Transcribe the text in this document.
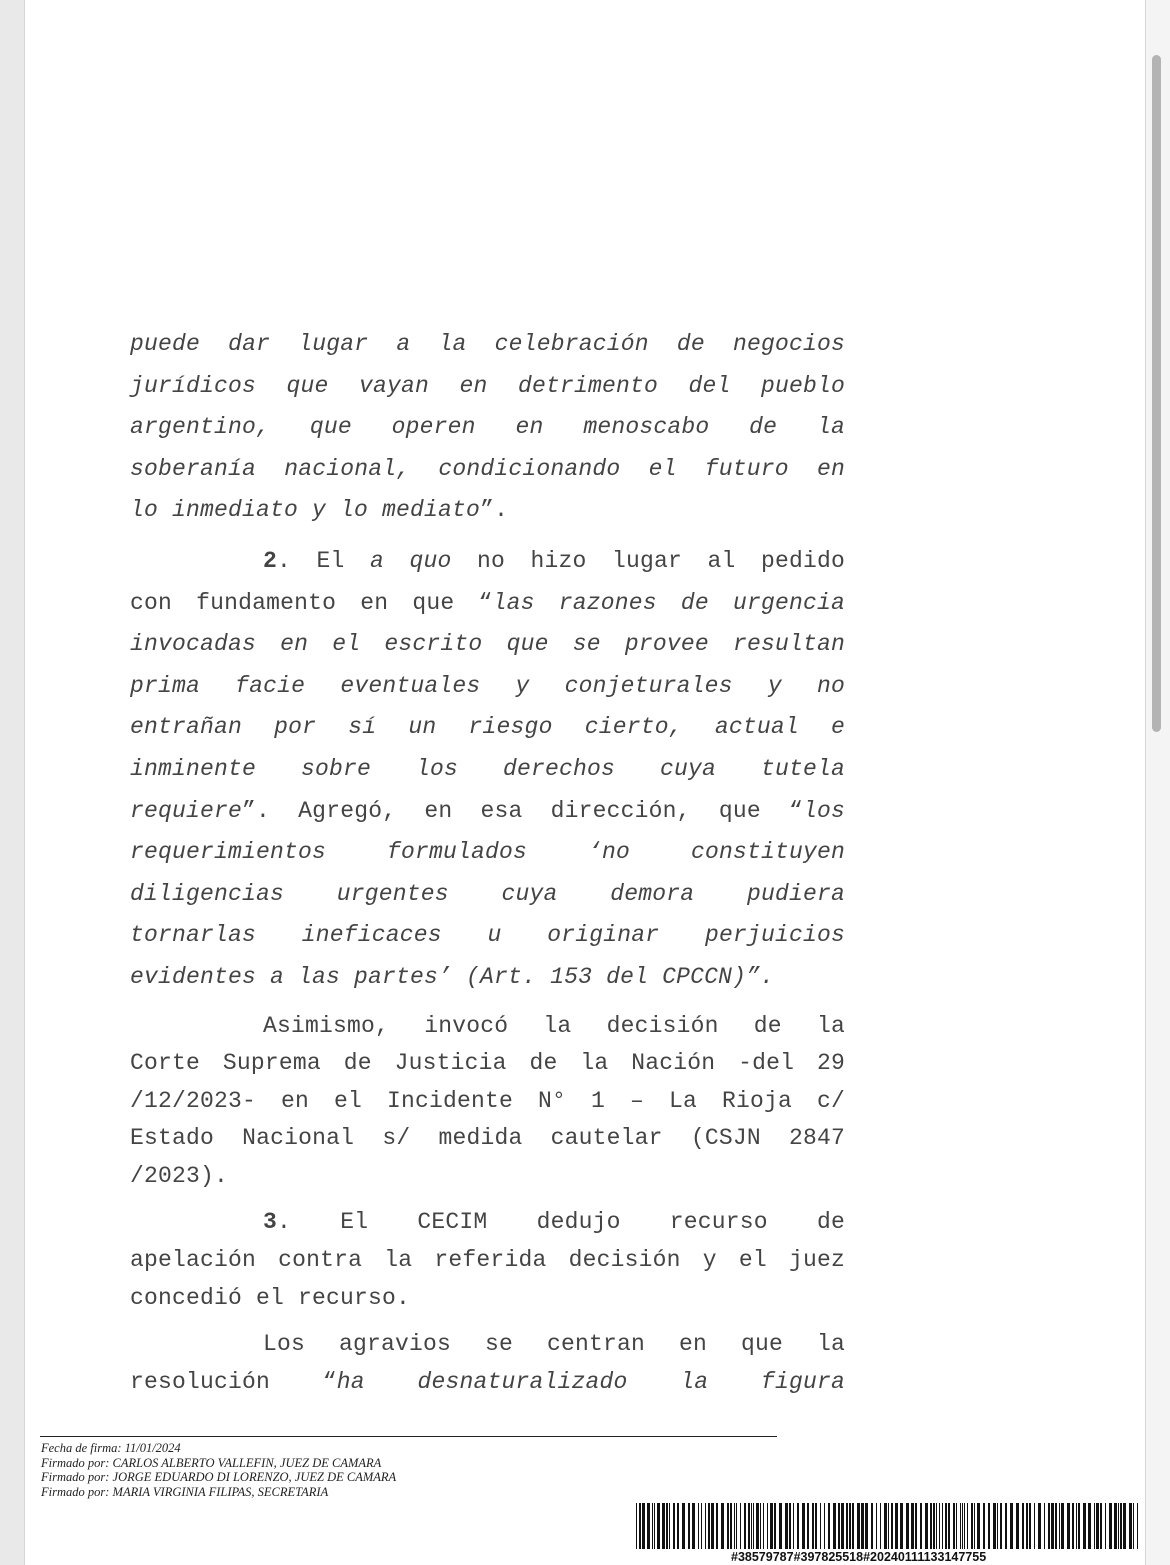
puede dar lugar a la celebración de negocios
jurídicos que vayan en detrimento del pueblo
argentino, que operen en menoscabo de la
soberanía nacional, condicionando el futuro en
lo inmediato y lo mediato”.
2. El a quo no hizo lugar al pedido
con fundamento en que “las razones de urgencia
invocadas en el escrito que se provee resultan
prima facie eventuales y conjeturales y no
entrañan por sí un riesgo cierto, actual e
inminente sobre los derechos cuya tutela
requiere”. Agregó, en esa dirección, que “los
requerimientos formulados ‘no constituyen
diligencias urgentes cuya demora pudiera
tornarlas ineficaces u originar perjuicios
evidentes a las partes’ (Art. 153 del CPCCN)”.
Asimismo, invocó la decisión de la
Corte Suprema de Justicia de la Nación -del 29
/12/2023- en el Incidente N° 1 – La Rioja c/
Estado Nacional s/ medida cautelar (CSJN 2847
/2023).
3. El CECIM dedujo recurso de
apelación contra la referida decisión y el juez
concedió el recurso.
Los agravios se centran en que la
resolución “ha desnaturalizado la figura
Fecha de firma: 11/01/2024
Firmado por: CARLOS ALBERTO VALLEFIN, JUEZ DE CAMARA
Firmado por: JORGE EDUARDO DI LORENZO, JUEZ DE CAMARA
Firmado por: MARIA VIRGINIA FILIPAS, SECRETARIA
#38579787#397825518#20240111133147755
